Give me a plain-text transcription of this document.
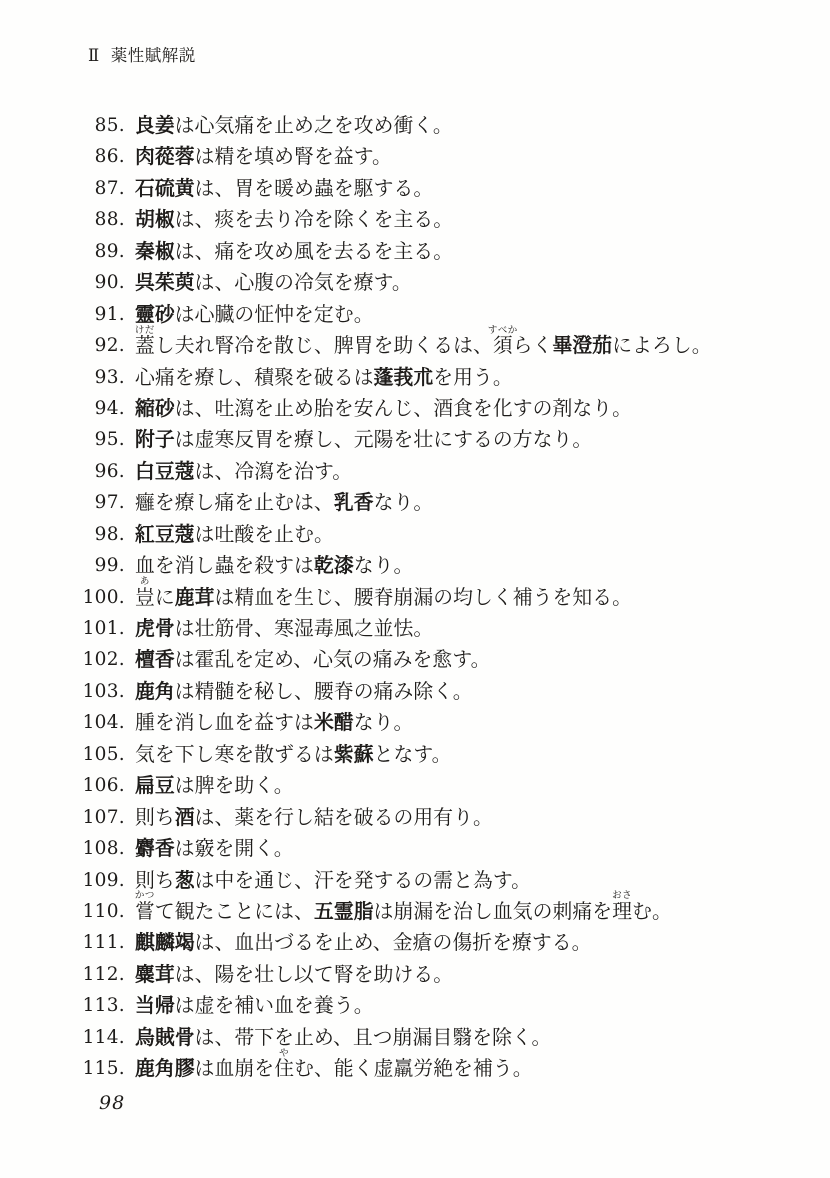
Ⅱ 薬性賦解説
85. 良姜は心気痛を止め之を攻め衝く。
86. 肉蓯蓉は精を填め腎を益す。
87. 石硫黄は、胃を暖め蟲を駆する。
88. 胡椒は、痰を去り冷を除くを主る。
89. 秦椒は、痛を攻め風を去るを主る。
90. 呉茱萸は、心腹の冷気を療す。
91. 靈砂は心臓の怔忡を定む。
92.
けだ
蓋し夫れ腎冷を散じ、脾胃を助くるは、
すべか
須らく畢澄茄によろし。
93. 心痛を療し、積聚を破るは蓬莪朮を用う。
94. 縮砂は、吐瀉を止め胎を安んじ、酒食を化すの剤なり。
95. 附子は虚寒反胃を療し、元陽を壮にするの方なり。
96. 白豆蔻は、冷瀉を治す。
97. 癰を療し痛を止むは、乳香なり。
98. 紅豆蔻は吐酸を止む。
99. 血を消し蟲を殺すは乾漆なり。
100.
あ
豈に鹿茸は精血を生じ、腰脊崩漏の均しく補うを知る。
101. 虎骨は壮筋骨、寒湿毒風之並怯。
102. 檀香は霍乱を定め、心気の痛みを愈す。
103. 鹿角は精髄を秘し、腰脊の痛み除く。
104. 腫を消し血を益すは米醋なり。
105. 気を下し寒を散ずるは紫蘇となす。
106. 扁豆は脾を助く。
107. 則ち酒は、薬を行し結を破るの用有り。
108. 麝香は竅を開く。
109. 則ち葱は中を通じ、汗を発するの需と為す。
110.
かつ
嘗て観たことには、五霊脂は崩漏を治し血気の刺痛を
おさ
理む。
111. 麒麟竭は、血出づるを止め、金瘡の傷折を療する。
112. 麋茸は、陽を壮し以て腎を助ける。
113. 当帰は虚を補い血を養う。
114. 烏賊骨は、帯下を止め、且つ崩漏目翳を除く。
115. 鹿角膠は血崩を
や
住む、能く虚羸労絶を補う。
98
